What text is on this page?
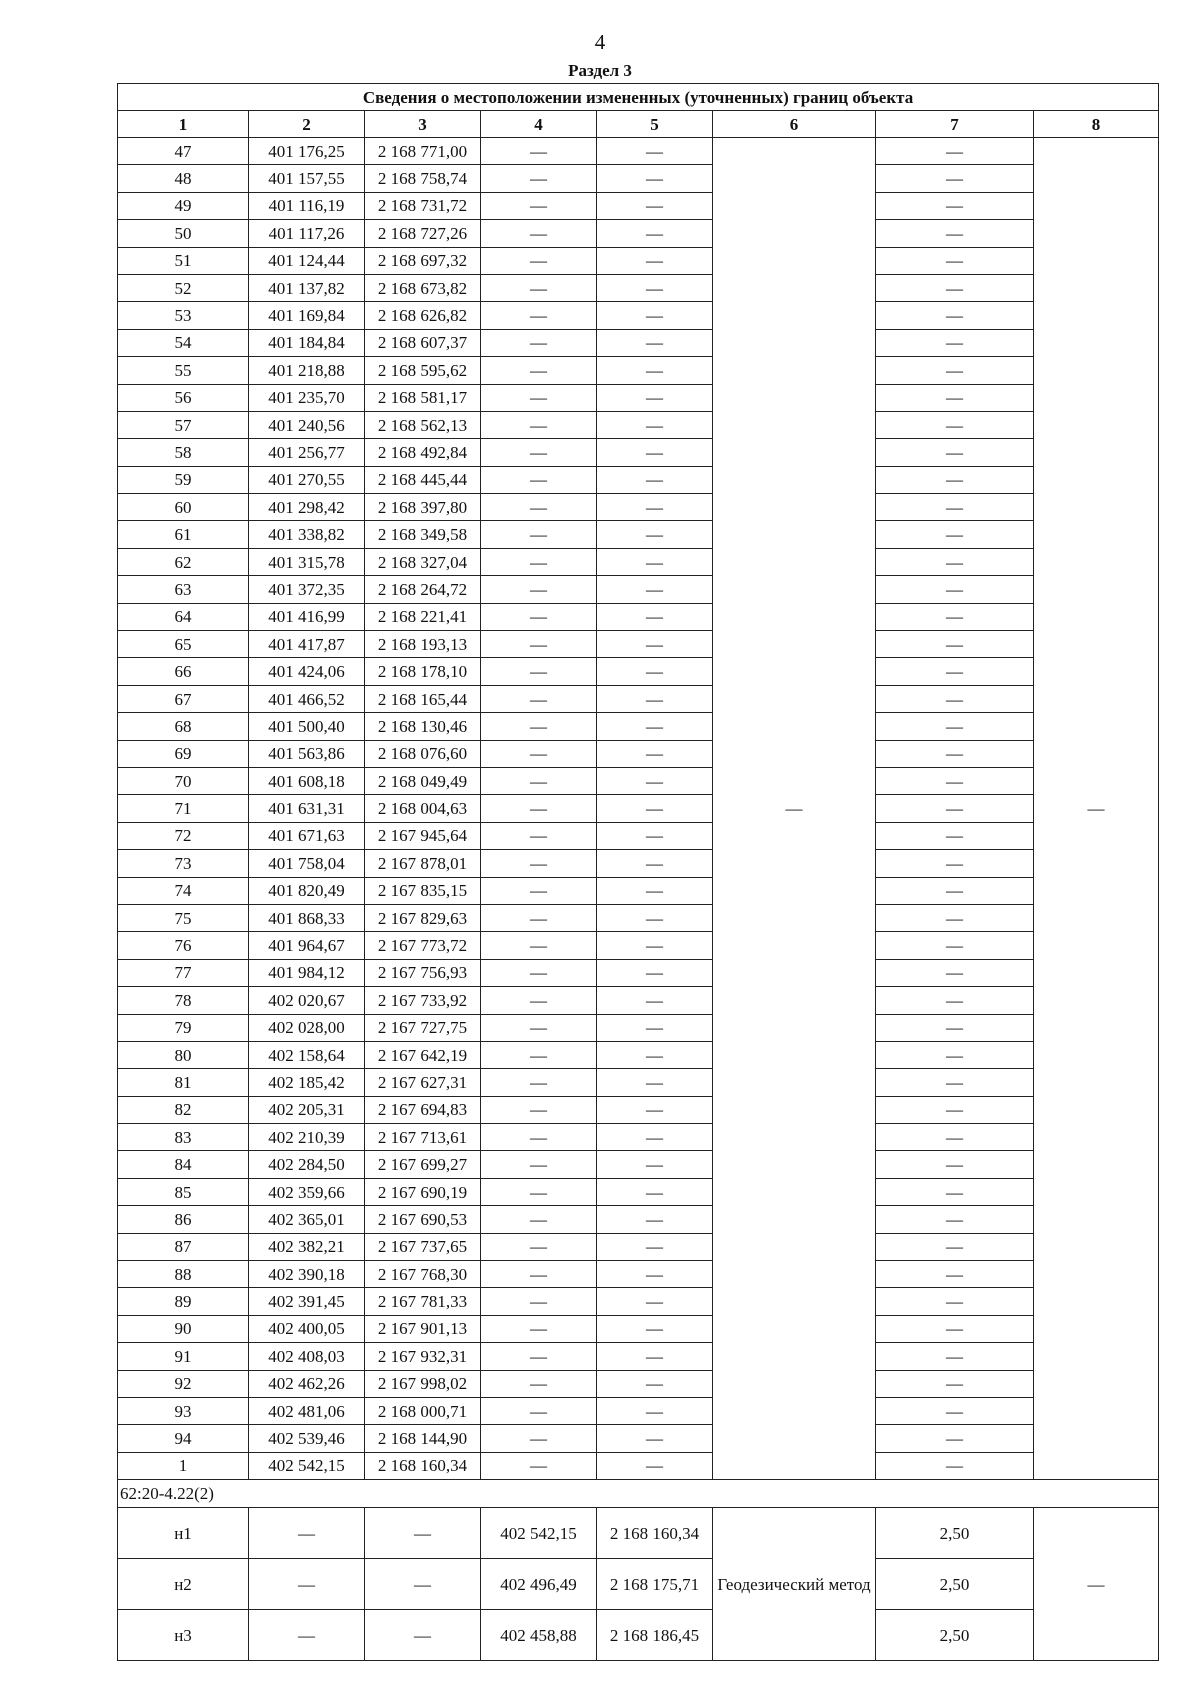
4
Раздел 3
Сведения о местоположении измененных (уточненных) границ объекта							
1	2	3	4	5	6	7	8
47	401 176,25	2 168 771,00	—	—	—	—	—
48	401 157,55	2 168 758,74	—	—		—	
49	401 116,19	2 168 731,72	—	—		—	
50	401 117,26	2 168 727,26	—	—		—	
51	401 124,44	2 168 697,32	—	—		—	
52	401 137,82	2 168 673,82	—	—		—	
53	401 169,84	2 168 626,82	—	—		—	
54	401 184,84	2 168 607,37	—	—		—	
55	401 218,88	2 168 595,62	—	—		—	
56	401 235,70	2 168 581,17	—	—		—	
57	401 240,56	2 168 562,13	—	—		—	
58	401 256,77	2 168 492,84	—	—		—	
59	401 270,55	2 168 445,44	—	—		—	
60	401 298,42	2 168 397,80	—	—		—	
61	401 338,82	2 168 349,58	—	—		—	
62	401 315,78	2 168 327,04	—	—		—	
63	401 372,35	2 168 264,72	—	—		—	
64	401 416,99	2 168 221,41	—	—		—	
65	401 417,87	2 168 193,13	—	—		—	
66	401 424,06	2 168 178,10	—	—		—	
67	401 466,52	2 168 165,44	—	—		—	
68	401 500,40	2 168 130,46	—	—		—	
69	401 563,86	2 168 076,60	—	—		—	
70	401 608,18	2 168 049,49	—	—		—	
71	401 631,31	2 168 004,63	—	—		—	
72	401 671,63	2 167 945,64	—	—		—	
73	401 758,04	2 167 878,01	—	—		—	
74	401 820,49	2 167 835,15	—	—		—	
75	401 868,33	2 167 829,63	—	—		—	
76	401 964,67	2 167 773,72	—	—		—	
77	401 984,12	2 167 756,93	—	—		—	
78	402 020,67	2 167 733,92	—	—		—	
79	402 028,00	2 167 727,75	—	—		—	
80	402 158,64	2 167 642,19	—	—		—	
81	402 185,42	2 167 627,31	—	—		—	
82	402 205,31	2 167 694,83	—	—		—	
83	402 210,39	2 167 713,61	—	—		—	
84	402 284,50	2 167 699,27	—	—		—	
85	402 359,66	2 167 690,19	—	—		—	
86	402 365,01	2 167 690,53	—	—		—	
87	402 382,21	2 167 737,65	—	—		—	
88	402 390,18	2 167 768,30	—	—		—	
89	402 391,45	2 167 781,33	—	—		—	
90	402 400,05	2 167 901,13	—	—		—	
91	402 408,03	2 167 932,31	—	—		—	
92	402 462,26	2 167 998,02	—	—		—	
93	402 481,06	2 168 000,71	—	—		—	
94	402 539,46	2 168 144,90	—	—		—	
1	402 542,15	2 168 160,34	—	—		—	
62:20-4.22(2)							
н1	—	—	402 542,15	2 168 160,34	Геодезический метод	2,50	—
н2	—	—	402 496,49	2 168 175,71		2,50	
н3	—	—	402 458,88	2 168 186,45		2,50	
